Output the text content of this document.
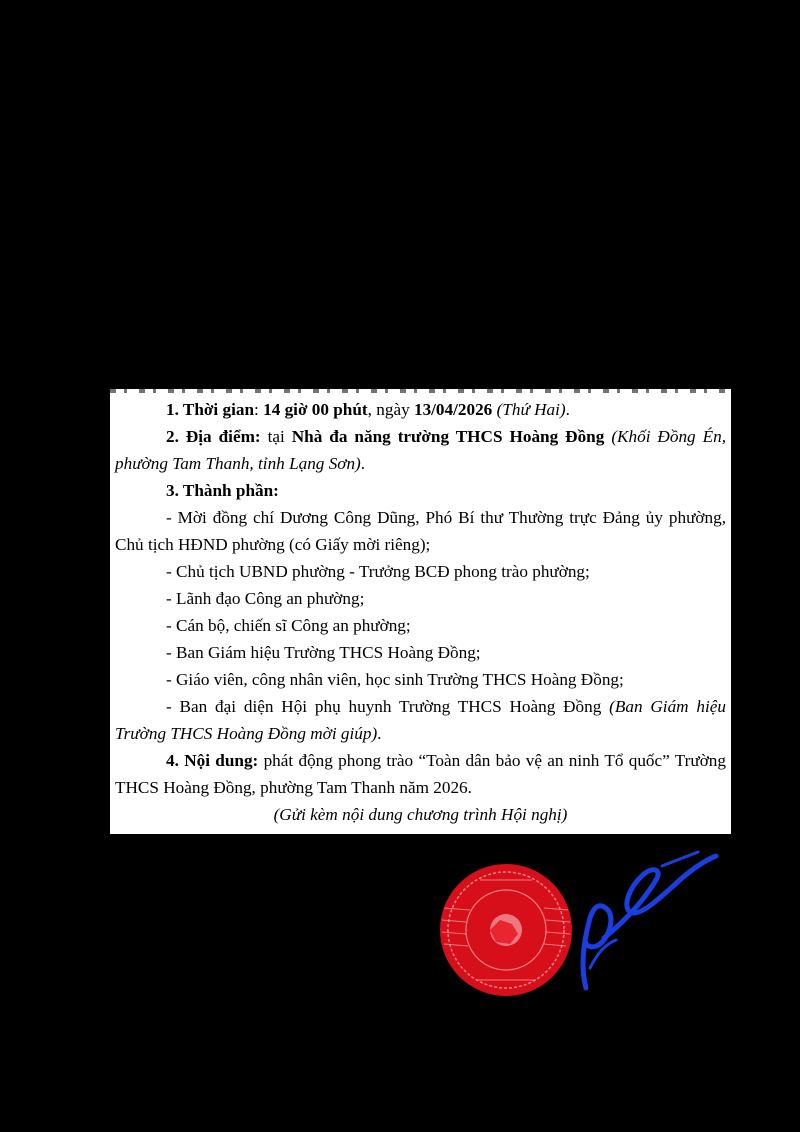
1. Thời gian: 14 giờ 00 phút, ngày 13/04/2026 (Thứ Hai).

2. Địa điểm: tại Nhà đa năng trường THCS Hoàng Đồng (Khối Đồng Én, phường Tam Thanh, tỉnh Lạng Sơn).

3. Thành phần:

- Mời đồng chí Dương Công Dũng, Phó Bí thư Thường trực Đảng ủy phường, Chủ tịch HĐND phường (có Giấy mời riêng);

- Chủ tịch UBND phường - Trưởng BCĐ phong trào phường;

- Lãnh đạo Công an phường;

- Cán bộ, chiến sĩ Công an phường;

- Ban Giám hiệu Trường THCS Hoàng Đồng;

- Giáo viên, công nhân viên, học sinh Trường THCS Hoàng Đồng;

- Ban đại diện Hội phụ huynh Trường THCS Hoàng Đồng (Ban Giám hiệu Trường THCS Hoàng Đồng mời giúp).

4. Nội dung: phát động phong trào “Toàn dân bảo vệ an ninh Tổ quốc” Trường THCS Hoàng Đồng, phường Tam Thanh năm 2026.

(Gửi kèm nội dung chương trình Hội nghị)

Trân trọng kính mời các thành phần tham dự đúng thời gian, địa điểm./.
